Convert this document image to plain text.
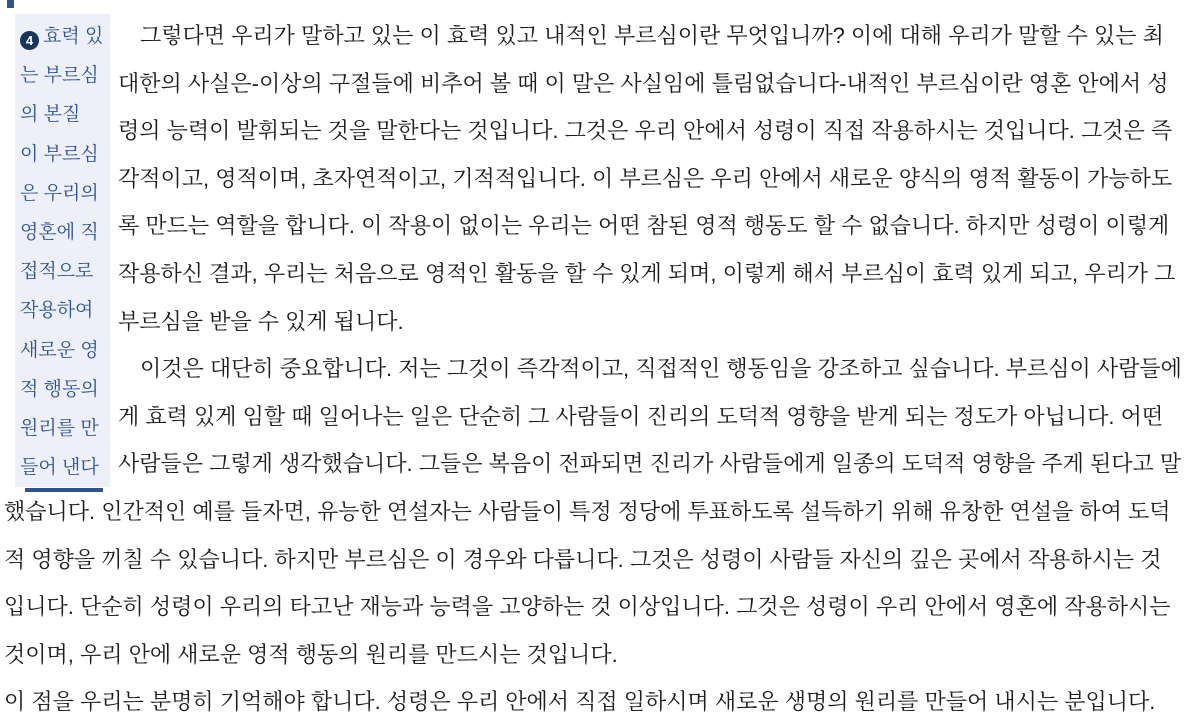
4 효력 있
는 부르심
의 본질
이 부르심
은 우리의
영혼에 직
접적으로
작용하여
새로운 영
적 행동의
원리를 만
들어 낸다
그렇다면 우리가 말하고 있는 이 효력 있고 내적인 부르심이란 무엇입니까? 이에 대해 우리가 말할 수 있는 최
대한의 사실은-이상의 구절들에 비추어 볼 때 이 말은 사실임에 틀림없습니다-내적인 부르심이란 영혼 안에서 성
령의 능력이 발휘되는 것을 말한다는 것입니다. 그것은 우리 안에서 성령이 직접 작용하시는 것입니다. 그것은 즉
각적이고, 영적이며, 초자연적이고, 기적적입니다. 이 부르심은 우리 안에서 새로운 양식의 영적 활동이 가능하도
록 만드는 역할을 합니다. 이 작용이 없이는 우리는 어떤 참된 영적 행동도 할 수 없습니다. 하지만 성령이 이렇게
작용하신 결과, 우리는 처음으로 영적인 활동을 할 수 있게 되며, 이렇게 해서 부르심이 효력 있게 되고, 우리가 그
부르심을 받을 수 있게 됩니다.
이것은 대단히 중요합니다. 저는 그것이 즉각적이고, 직접적인 행동임을 강조하고 싶습니다. 부르심이 사람들에
게 효력 있게 임할 때 일어나는 일은 단순히 그 사람들이 진리의 도덕적 영향을 받게 되는 정도가 아닙니다. 어떤
사람들은 그렇게 생각했습니다. 그들은 복음이 전파되면 진리가 사람들에게 일종의 도덕적 영향을 주게 된다고 말
했습니다. 인간적인 예를 들자면, 유능한 연설자는 사람들이 특정 정당에 투표하도록 설득하기 위해 유창한 연설을 하여 도덕
적 영향을 끼칠 수 있습니다. 하지만 부르심은 이 경우와 다릅니다. 그것은 성령이 사람들 자신의 깊은 곳에서 작용하시는 것
입니다. 단순히 성령이 우리의 타고난 재능과 능력을 고양하는 것 이상입니다. 그것은 성령이 우리 안에서 영혼에 작용하시는
것이며, 우리 안에 새로운 영적 행동의 원리를 만드시는 것입니다.
이 점을 우리는 분명히 기억해야 합니다. 성령은 우리 안에서 직접 일하시며 새로운 생명의 원리를 만들어 내시는 분입니다.
